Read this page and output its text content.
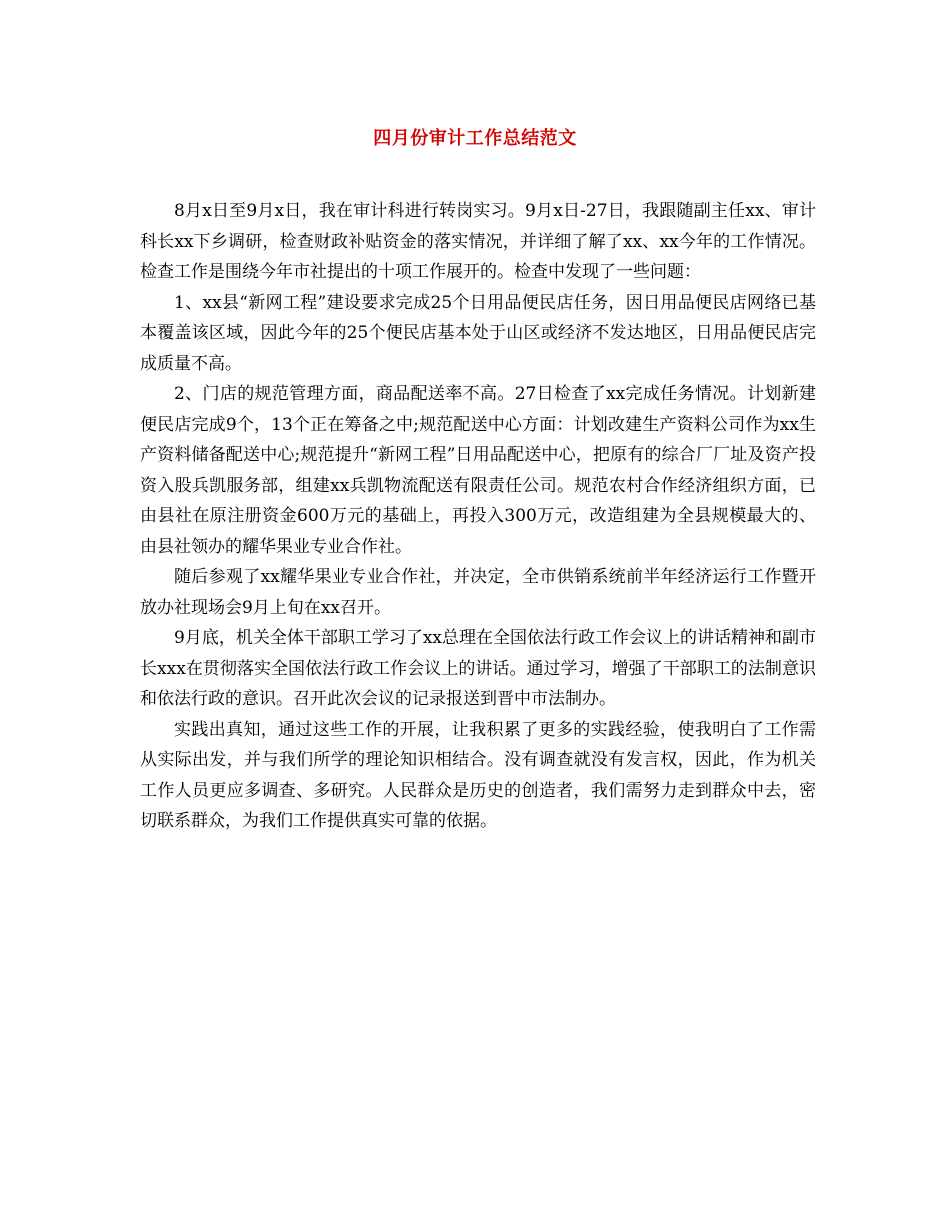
四月份审计工作总结范文

8月x日至9月x日，我在审计科进行转岗实习。9月x日-27日，我跟随副主任xx、审计科长xx下乡调研，检查财政补贴资金的落实情况，并详细了解了xx、xx今年的工作情况。检查工作是围绕今年市社提出的十项工作展开的。检查中发现了一些问题：

1、xx县“新网工程”建设要求完成25个日用品便民店任务，因日用品便民店网络已基本覆盖该区域，因此今年的25个便民店基本处于山区或经济不发达地区，日用品便民店完成质量不高。

2、门店的规范管理方面，商品配送率不高。27日检查了xx完成任务情况。计划新建便民店完成9个，13个正在筹备之中;规范配送中心方面：计划改建生产资料公司作为xx生产资料储备配送中心;规范提升“新网工程”日用品配送中心，把原有的综合厂厂址及资产投资入股兵凯服务部，组建xx兵凯物流配送有限责任公司。规范农村合作经济组织方面，已由县社在原注册资金600万元的基础上，再投入300万元，改造组建为全县规模最大的、由县社领办的耀华果业专业合作社。

随后参观了xx耀华果业专业合作社，并决定，全市供销系统前半年经济运行工作暨开放办社现场会9月上旬在xx召开。

9月底，机关全体干部职工学习了xx总理在全国依法行政工作会议上的讲话精神和副市长xxx在贯彻落实全国依法行政工作会议上的讲话。通过学习，增强了干部职工的法制意识和依法行政的意识。召开此次会议的记录报送到晋中市法制办。

实践出真知，通过这些工作的开展，让我积累了更多的实践经验，使我明白了工作需从实际出发，并与我们所学的理论知识相结合。没有调查就没有发言权，因此，作为机关工作人员更应多调查、多研究。人民群众是历史的创造者，我们需努力走到群众中去，密切联系群众，为我们工作提供真实可靠的依据。
